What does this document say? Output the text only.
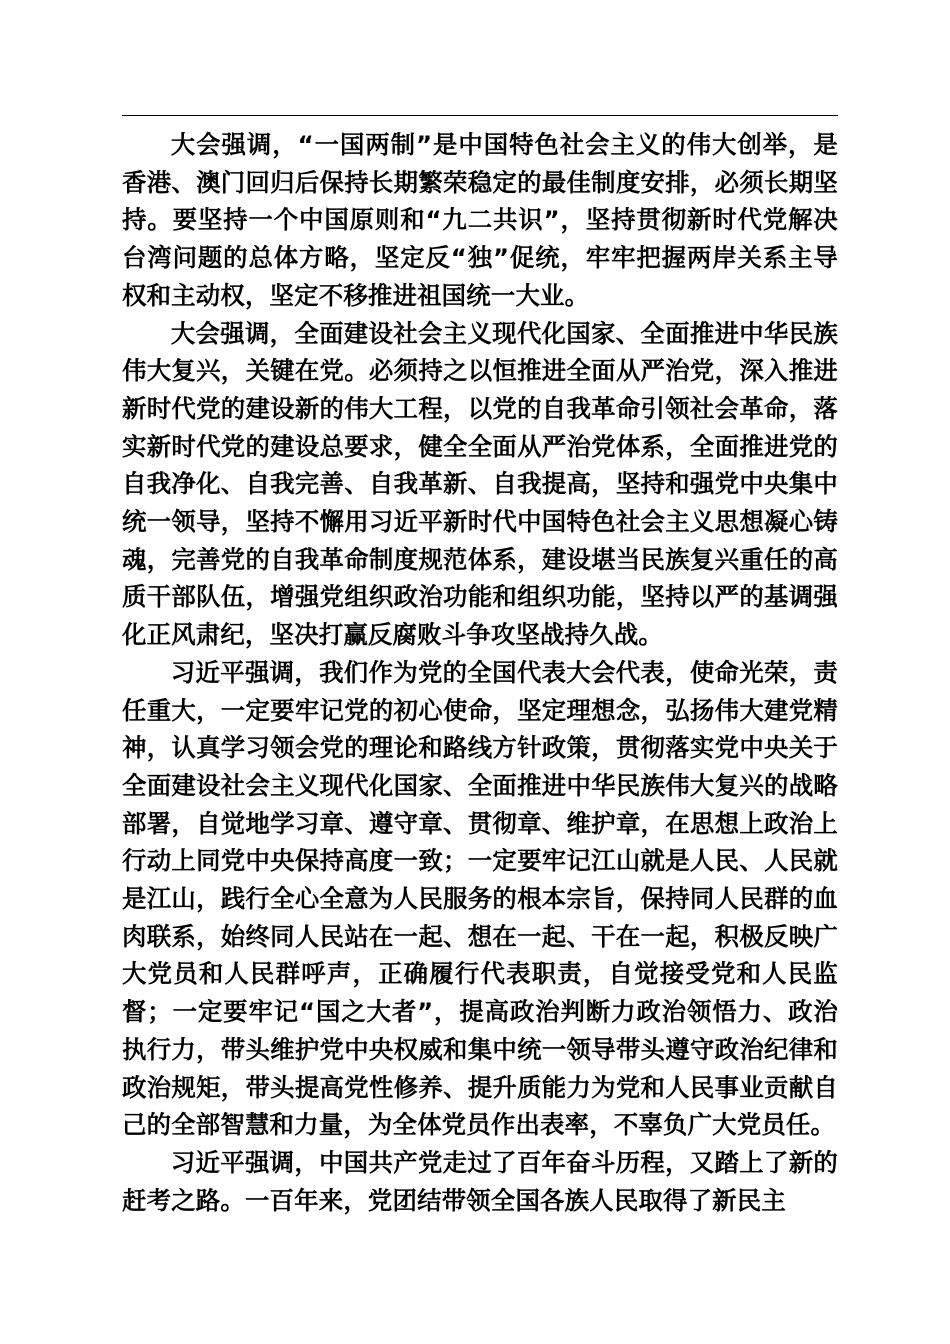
大会强调，“一国两制”是中国特色社会主义的伟大创举，是香港、澳门回归后保持长期繁荣稳定的最佳制度安排，必须长期坚持。要坚持一个中国原则和“九二共识”，坚持贯彻新时代党解决台湾问题的总体方略，坚定反“独”促统，牢牢把握两岸关系主导权和主动权，坚定不移推进祖国统一大业。

大会强调，全面建设社会主义现代化国家、全面推进中华民族伟大复兴，关键在党。必须持之以恒推进全面从严治党，深入推进新时代党的建设新的伟大工程，以党的自我革命引领社会革命，落实新时代党的建设总要求，健全全面从严治党体系，全面推进党的自我净化、自我完善、自我革新、自我提高，坚持和强党中央集中统一领导，坚持不懈用习近平新时代中国特色社会主义思想凝心铸魂，完善党的自我革命制度规范体系，建设堪当民族复兴重任的高质干部队伍，增强党组织政治功能和组织功能，坚持以严的基调强化正风肃纪，坚决打赢反腐败斗争攻坚战持久战。

习近平强调，我们作为党的全国代表大会代表，使命光荣，责任重大，一定要牢记党的初心使命，坚定理想念，弘扬伟大建党精神，认真学习领会党的理论和路线方针政策，贯彻落实党中央关于全面建设社会主义现代化国家、全面推进中华民族伟大复兴的战略部署，自觉地学习章、遵守章、贯彻章、维护章，在思想上政治上行动上同党中央保持高度一致；一定要牢记江山就是人民、人民就是江山，践行全心全意为人民服务的根本宗旨，保持同人民群的血肉联系，始终同人民站在一起、想在一起、干在一起，积极反映广大党员和人民群呼声，正确履行代表职责，自觉接受党和人民监督；一定要牢记“国之大者”，提高政治判断力政治领悟力、政治执行力，带头维护党中央权威和集中统一领导带头遵守政治纪律和政治规矩，带头提高党性修养、提升质能力为党和人民事业贡献自己的全部智慧和力量，为全体党员作出表率，不辜负广大党员任。

习近平强调，中国共产党走过了百年奋斗历程，又踏上了新的赶考之路。一百年来，党团结带领全国各族人民取得了新民主
